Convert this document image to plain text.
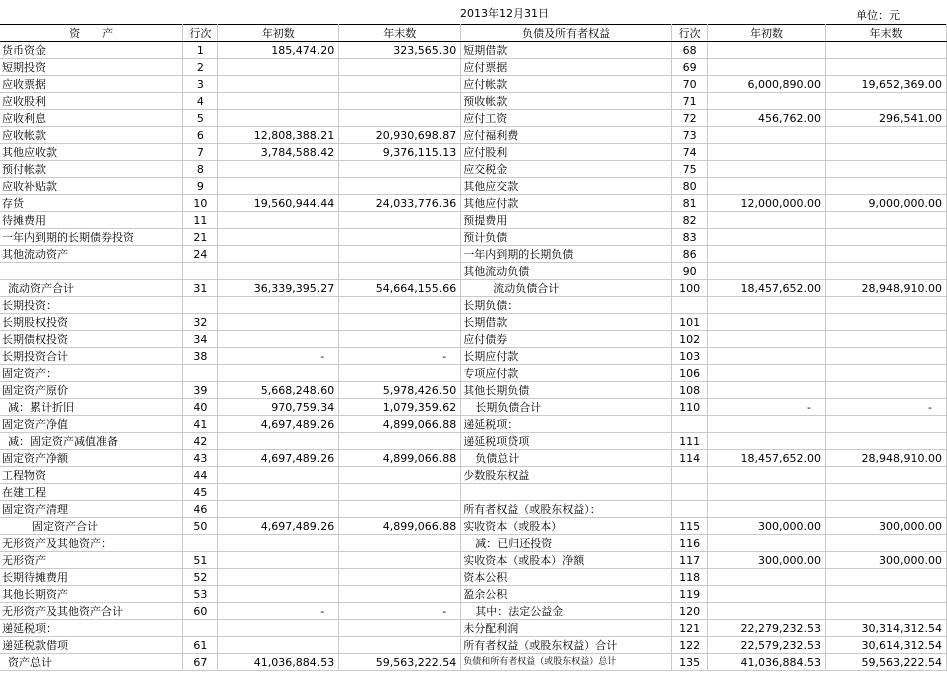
2013年12月31日	单位：元
资　　产	行次	年初数	年末数	负债及所有者权益	行次	年初数	年末数
货币资金	1	185,474.20	323,565.30	短期借款	68		
短期投资	2			应付票据	69		
应收票据	3			应付帐款	70	6,000,890.00	19,652,369.00
应收股利	4			预收帐款	71		
应收利息	5			应付工资	72	456,762.00	296,541.00
应收帐款	6	12,808,388.21	20,930,698.87	应付福利费	73		
其他应收款	7	3,784,588.42	9,376,115.13	应付股利	74		
预付帐款	8			应交税金	75		
应收补贴款	9			其他应交款	80		
存货	10	19,560,944.44	24,033,776.36	其他应付款	81	12,000,000.00	9,000,000.00
待摊费用	11			预提费用	82		
一年内到期的长期债券投资	21			预计负债	83		
其他流动资产	24			一年内到期的长期负债	86		
				其他流动负债	90		
流动资产合计	31	36,339,395.27	54,664,155.66	流动负债合计	100	18,457,652.00	28,948,910.00
长期投资：				长期负债：			
长期股权投资	32			长期借款	101		
长期债权投资	34			应付债券	102		
长期投资合计	38	-	-	长期应付款	103		
固定资产：				专项应付款	106		
固定资产原价	39	5,668,248.60	5,978,426.50	其他长期负债	108		
减：累计折旧	40	970,759.34	1,079,359.62	长期负债合计	110	-	-
固定资产净值	41	4,697,489.26	4,899,066.88	递延税项：			
减：固定资产减值准备	42			递延税项贷项	111		
固定资产净额	43	4,697,489.26	4,899,066.88	负债总计	114	18,457,652.00	28,948,910.00
工程物资	44			少数股东权益			
在建工程	45						
固定资产清理	46			所有者权益（或股东权益）：			
固定资产合计	50	4,697,489.26	4,899,066.88	实收资本（或股本）	115	300,000.00	300,000.00
无形资产及其他资产：				减：已归还投资	116		
无形资产	51			实收资本（或股本）净额	117	300,000.00	300,000.00
长期待摊费用	52			资本公积	118		
其他长期资产	53			盈余公积	119		
无形资产及其他资产合计	60	-	-	其中：法定公益金	120		
递延税项：				未分配利润	121	22,279,232.53	30,314,312.54
递延税款借项	61			所有者权益（或股东权益）合计	122	22,579,232.53	30,614,312.54
资产总计	67	41,036,884.53	59,563,222.54	负债和所有者权益（或股东权益）总计	135	41,036,884.53	59,563,222.54
